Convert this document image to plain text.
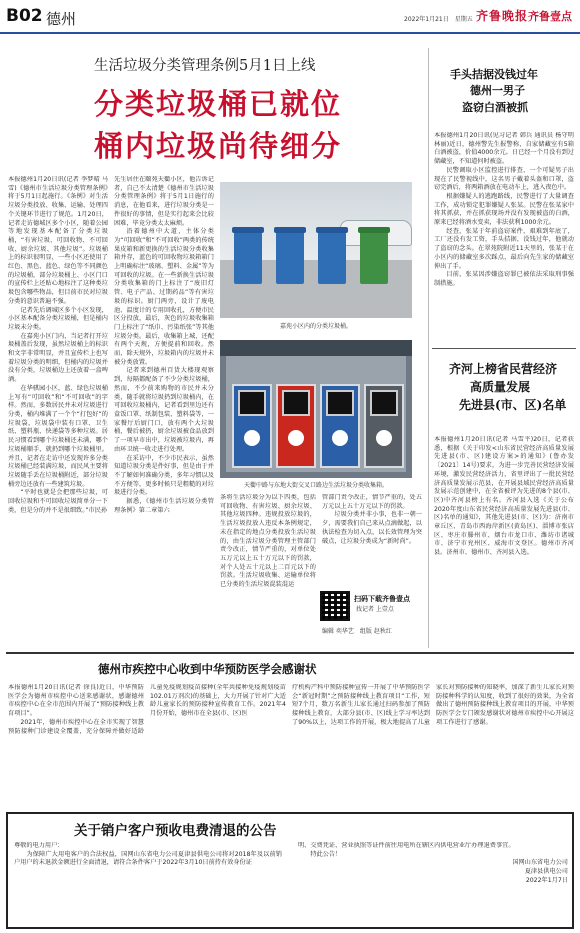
B02 德州	2022年1月21日　星期五 齐鲁晚报 齐鲁壹点
生活垃圾分类管理条例5月1日上线
分类垃圾桶已就位
桶内垃圾尚待细分

本报德州1月20日讯(记者 李梦晴 马雪)《德州市生活垃圾分类管理条例》将于5月1日起施行。《条例》对生活垃圾分类投放、收集、运输、处理四个关键环节进行了规范。1月20日，记者走访德城区多个小区，随着公园等地发现基本配备了分类垃圾桶，“有害垃圾、可回收物、不可回收、厨余垃圾、其他垃圾”。垃圾桶上的标识很明显，一些小区还使用了红色、黑色、蓝色、绿色等不同颜色的垃圾桶，部分垃圾桶上、小区门口的宣传栏上还贴心地标注了这种类垃圾包含哪些物品，但目前市民对垃圾分类的意识普遍不强。

记者先后调城区多个小区发现，小区基本配备分类垃圾桶，但是桶内垃圾未分类。

在嘉苑小区门内，当记者打开垃圾桶盖后发现，虽然垃圾桶上的标识和文字非常明显，并且宣传栏上也写着垃圾分类的明细，但桶内的垃圾并没有分类，垃圾桶边上还放着一盒啤酒。

在华骐园小区，蓝、绿色垃圾桶上写有“可回收”和“不可回收”的字样。然而，多数居民并未对垃圾进行分类，桶内堆满了一个个“打包好”的垃圾袋，垃圾袋中装有口罩、卫生纸、塑料瓶、快递袋等多种垃圾。居民习惯看到哪个垃圾桶还未满，哪个垃圾桶顺手，就扔到哪个垃圾桶里。并且，记者在走访中还发现许多分类垃圾桶已经装满垃圾，而民风主要将垃圾随手丢在垃圾桶附近，部分垃圾桶旁边还放有一些建筑垃圾。

“平时也就是会把那些垃圾，可回收垃圾和不可回收垃圾简单分一下类，但是分的并不是很细致。”市民孙

先生居住在颐苑天衢小区，他告诉记者，自己不太清楚《德州市生活垃圾分类管理条例》将于5月1日施行的消息，在他看来，进行垃圾分类是一件很好的事情，但是实行起来会比较困难，毕竟分类太太麻烦。

沿着德州中大道，主体分类为“可回收”和“不可回收”两类的传统果皮箱和新更换的生活垃圾分类收集箱并存，蓝色的可回收物垃圾箱箱门上明确标注“玻璃、塑料、金属”等为可回收的垃圾。在一些新换生活垃圾分类收集箱的门上标注了“废旧灯管、电子产品、过期药品”等有害垃圾的标识。厨门两旁，设计了废电池、温度计的专用回收孔，方便市民区分投放，最后，灰色的垃圾收集箱门上标注了“纸巾、污染纸张”等其他垃圾分类。最后，收集箱上城，还配有两个天规，方便提前和回收。然而，除天规外，垃圾箱内的垃圾并未被分类放置。

记者来到德州百货大楼现观察到，每隔都配备了不少分类垃圾桶，然而，不少前来购物的市民并未分类，随手就将垃圾扔到垃圾桶内，在可回收垃圾桶内，记者看到里边还有盒饭口罩、纸制包装、塑料袋等，一家餐厅后厨门口，放有两个大垃圾桶，餐后被扔，厨余垃圾被食品放到了一项早市出中，垃圾被垃圾内，再由环卫统一收走进行处理。

在采访中，不少市民表示，虽然知道垃圾分类是件好事，但是由于并不了解如何准确分类，多年习惯以及不方便等，更多时候只是粗糙的对垃圾进行分类。

据悉，《德州市生活垃圾分类管理条例》第二章第六

嘉苑小区内的分类垃圾桶。
天衢中路与东地大街交叉口路边生活垃圾分类收集箱。

条将生活垃圾分为以下四类，包括可回收物、有害垃圾、厨余垃圾、其他垃圾四种。违规投放垃圾的，生活垃圾投放人违反本条例规定，未在指定的地点分类投放生活垃圾的，由生活垃圾分类管理主管部门责令改正，情节严重的，对单位处五万元以上五十万元以下的罚款，对个人处五十元以上二百元以下的罚款。生活垃圾收集、运输单位将已分类的生活垃圾混装混运

管部门责令改正，情节严重的，处五万元以上五十万元以下的罚款。

垃圾分类并非小事，也非一朝一夕，需要我们自己来从点滴做起，以执法检查为切入点，以长效管理为突破点，让垃圾分类成为“新时尚”。

扫码下载齐鲁壹点
找记者 上壹点
编辑 奕华艺　组版 赵秋红
手头拮据没钱过年
德州一男子
盗窃白酒被抓

本报德州1月20日讯(见习记者 韩兵 通讯员 杨守明 林丽)近日，德州警先生报警称，自家储藏室有5箱白酒被盗，价值4000余元。日已经一个月没有到过储藏室，不知道何时被盗。

民警调取小区监控进行排查，一个可疑男子出现在了民警视线中，这名男子戴着头盔和口罩，盗窃完酒后，将两箱酒放在电动车上，逃入夜色中。

根据嫌疑人的逃跑路线，民警进行了大量调查工作，成功锁定犯罪嫌疑人张某。民警在张某家中将其抓获，并在抓获现场并没有发现被盗的白酒，原来已经将酒水变卖，非法获利1000余元。

经查，张某于年前盗窃案件，艰难到年底了，工厂还没有发工资，手头拮据，没钱过年，他就动了盗窃的念头。在翠苑院附近11天里的，张某于在小区内的储藏室多次踩点，最后向先生家的储藏室伸出了手。

目前，张某因涉嫌盗窃罪已被依法采取刑事强制措施。

齐河上榜省民营经济
高质量发展
先进县(市、区)名单

本报德州1月20日讯(记者 马雪平)20日，记者获悉，根据《关于印发<山东省民营经济高质量发展先进县(市、区)建设方案>的通知》(鲁办发〔2021〕14号)要求，为进一步完善民营经济发展环境，激发民营经济活力，省里评出了一批民营经济高质量发展示范县，在开展县域民营经济高质量发展示范创建中，在全省被评为先进的8个县(市、区)中齐河县榜上有名。齐河县入选《关于公布2020年度山东省民营经济高质量发展先进县(市、区)名单的通知》，其他先进县(市、区)为：济南市章丘区、青岛市西海岸新区(黄岛区)、淄博市张店区、枣庄市滕州市、烟台市龙口市、潍坊市诸城市、济宁市兖州区、威海市文登区。德州市齐河县。济州市、德州市、齐河县入选。

德州市疾控中心收到中华预防医学会感谢状

本报德州1月20日讯(记者 徐良)近日，中华预防医学会为德州市疾控中心送来感谢状，感谢德州市疾控中心在全市范围内开展了“预防接种线上教育项目”。

2021年，德州市疾控中心在全市实现了智慧预防接种门诊建设全覆盖，充分保障并做好适龄儿童免疫规划疫苗接种(全年共接种免疫规划疫苗102.01万剂次)的基础上，大力开展了针对广大适龄儿童家长的预防接种宣传教育工作。2021年4月份开始，德州市在全县(市、区)医

疗机构产科中预防接种宣传一开展了中华预防医学会“新冠时期”之预防接种线上教育项目“工作，短短7个月，数万名新生儿家长通过扫码参加了预防接种线上教育，大部分县(市、区)线上学习率达到了90%以上，达项工作的开展，极大地提高了儿童家长对预防接种的知晓率，加深了新生儿家长对预防接种科学的认知度，收到了很好的效果，为全省做出了德州预防接种线上教育项目的开展，中华预防医学会专门颁发感谢状对德州市疾控中心开展这项工作进行了感谢。

关于销户客户预收电费清退的公告

尊敬的电力用户：

为保障广大用电客户的合法权益，国网山东省电力公司夏津县供电公司将对2018年及以前销户用户的未退款金额进行全面清退，请符合条件客户于2022年3月10日前持有效身份证

明、交费凭证、营业执照等证件前往用电所在辖区内供电营业厅办理退费事宜。

特此公告！

国网山东省电力公司

夏津县供电公司

2022年1月7日
